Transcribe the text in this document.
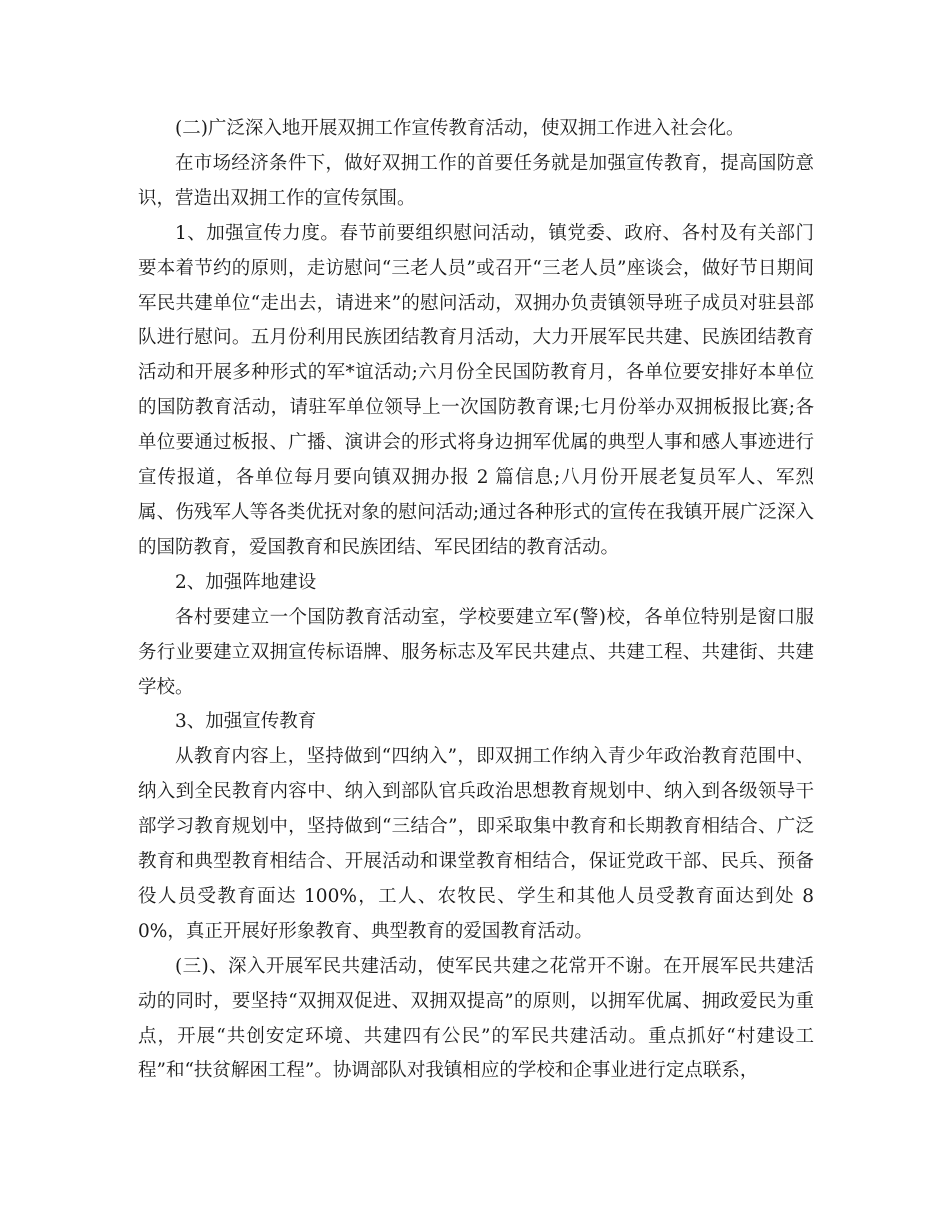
(二)广泛深入地开展双拥工作宣传教育活动，使双拥工作进入社会化。

在市场经济条件下，做好双拥工作的首要任务就是加强宣传教育，提高国防意识，营造出双拥工作的宣传氛围。

1、加强宣传力度。春节前要组织慰问活动，镇党委、政府、各村及有关部门要本着节约的原则，走访慰问“三老人员”或召开“三老人员”座谈会，做好节日期间军民共建单位“走出去，请进来”的慰问活动，双拥办负责镇领导班子成员对驻县部队进行慰问。五月份利用民族团结教育月活动，大力开展军民共建、民族团结教育活动和开展多种形式的军*谊活动;六月份全民国防教育月，各单位要安排好本单位的国防教育活动，请驻军单位领导上一次国防教育课;七月份举办双拥板报比赛;各单位要通过板报、广播、演讲会的形式将身边拥军优属的典型人事和感人事迹进行宣传报道，各单位每月要向镇双拥办报 2 篇信息;八月份开展老复员军人、军烈属、伤残军人等各类优抚对象的慰问活动;通过各种形式的宣传在我镇开展广泛深入的国防教育，爱国教育和民族团结、军民团结的教育活动。

2、加强阵地建设

各村要建立一个国防教育活动室，学校要建立军(警)校，各单位特别是窗口服务行业要建立双拥宣传标语牌、服务标志及军民共建点、共建工程、共建街、共建学校。

3、加强宣传教育

从教育内容上，坚持做到“四纳入”，即双拥工作纳入青少年政治教育范围中、纳入到全民教育内容中、纳入到部队官兵政治思想教育规划中、纳入到各级领导干部学习教育规划中，坚持做到“三结合”，即采取集中教育和长期教育相结合、广泛教育和典型教育相结合、开展活动和课堂教育相结合，保证党政干部、民兵、预备役人员受教育面达 100%，工人、农牧民、学生和其他人员受教育面达到处 80%，真正开展好形象教育、典型教育的爱国教育活动。

(三)、深入开展军民共建活动，使军民共建之花常开不谢。在开展军民共建活动的同时，要坚持“双拥双促进、双拥双提高”的原则，以拥军优属、拥政爱民为重点，开展“共创安定环境、共建四有公民”的军民共建活动。重点抓好“村建设工程”和“扶贫解困工程”。协调部队对我镇相应的学校和企事业进行定点联系，
